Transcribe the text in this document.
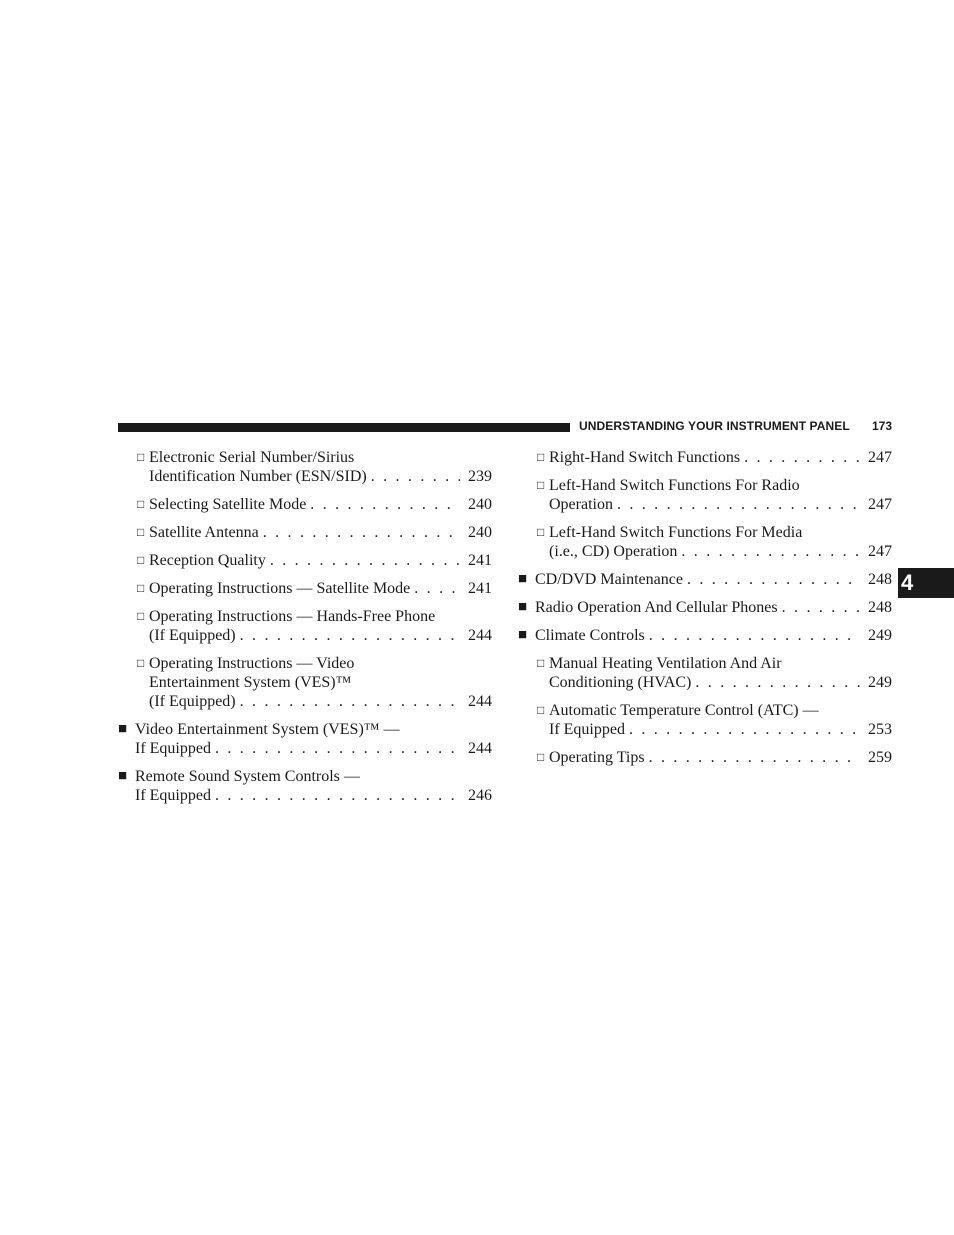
UNDERSTANDING YOUR INSTRUMENT PANEL	173
4
□ Electronic Serial Number/Sirius
Identification Number (ESN/SID) . . .	239
□ Selecting Satellite Mode . . .	240
□ Satellite Antenna . . .	240
□ Reception Quality . . .	241
□ Operating Instructions — Satellite Mode . . .	241
□ Operating Instructions — Hands-Free Phone
(If Equipped) . . .	244
□ Operating Instructions — Video
Entertainment System (VES)™
(If Equipped) . . .	244
■ Video Entertainment System (VES)™ —
If Equipped . . .	244
■ Remote Sound System Controls —
If Equipped . . .	246
□ Right-Hand Switch Functions . . .	247
□ Left-Hand Switch Functions For Radio
Operation . . .	247
□ Left-Hand Switch Functions For Media
(i.e., CD) Operation . . .	247
■ CD/DVD Maintenance . . .	248
■ Radio Operation And Cellular Phones . . .	248
■ Climate Controls . . .	249
□ Manual Heating Ventilation And Air
Conditioning (HVAC) . . .	249
□ Automatic Temperature Control (ATC) —
If Equipped . . .	253
□ Operating Tips . . .	259
